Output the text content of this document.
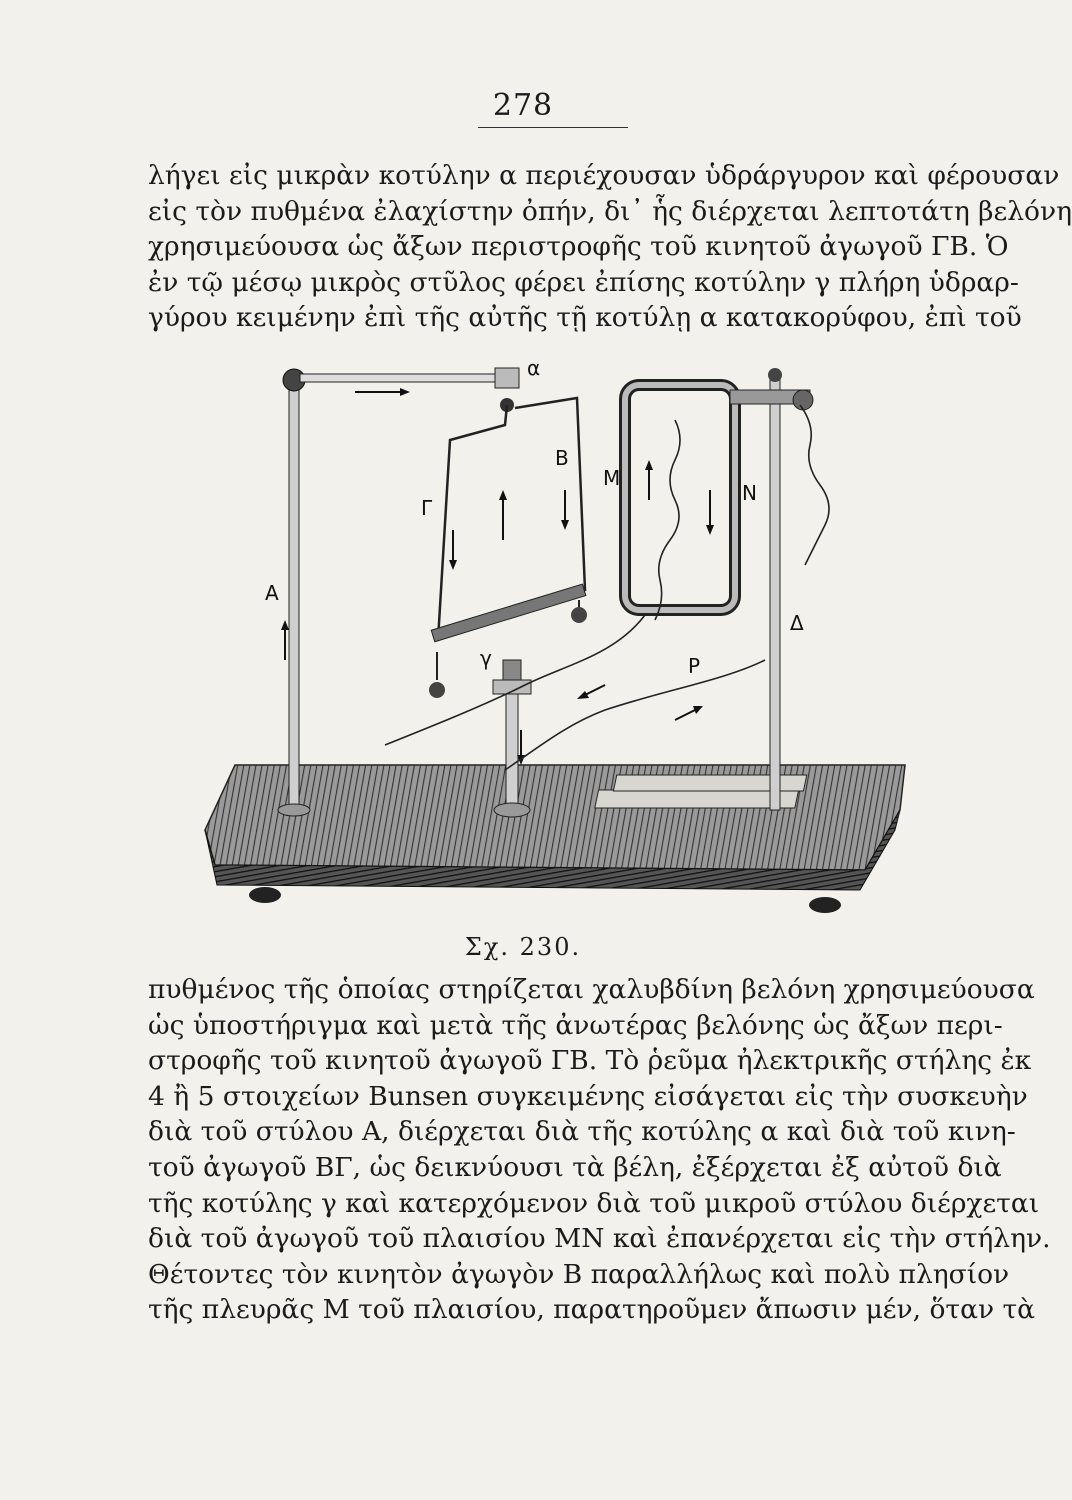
278
λήγει εἰς μικρὰν κοτύλην α περιέχουσαν ὑδράργυρον καὶ φέρουσαν
εἰς τὸν πυθμένα ἐλαχίστην ὀπήν, δι᾽ ἧς διέρχεται λεπτοτάτη βελόνη
χρησιμεύουσα ὡς ἄξων περιστροφῆς τοῦ κινητοῦ ἀγωγοῦ ΓΒ. Ὁ
ἐν τῷ μέσῳ μικρὸς στῦλος φέρει ἐπίσης κοτύλην γ πλήρη ὑδραρ-
γύρου κειμένην ἐπὶ τῆς αὐτῆς τῇ κοτύλῃ α κατακορύφου, ἐπὶ τοῦ
α
Β
Γ
Α
Μ
Ν
Δ
Ρ
γ
Σχ. 230.
πυθμένος τῆς ὁποίας στηρίζεται χαλυβδίνη βελόνη χρησιμεύουσα
ὡς ὑποστήριγμα καὶ μετὰ τῆς ἀνωτέρας βελόνης ὡς ἄξων περι-
στροφῆς τοῦ κινητοῦ ἀγωγοῦ ΓΒ. Τὸ ῥεῦμα ἠλεκτρικῆς στήλης ἐκ
4 ἢ 5 στοιχείων Bunsen συγκειμένης εἰσάγεται εἰς τὴν συσκευὴν
διὰ τοῦ στύλου Α, διέρχεται διὰ τῆς κοτύλης α καὶ διὰ τοῦ κινη-
τοῦ ἀγωγοῦ ΒΓ, ὡς δεικνύουσι τὰ βέλη, ἐξέρχεται ἐξ αὐτοῦ διὰ
τῆς κοτύλης γ καὶ κατερχόμενον διὰ τοῦ μικροῦ στύλου διέρχεται
διὰ τοῦ ἀγωγοῦ τοῦ πλαισίου ΜΝ καὶ ἐπανέρχεται εἰς τὴν στήλην.
Θέτοντες τὸν κινητὸν ἀγωγὸν Β παραλλήλως καὶ πολὺ πλησίον
τῆς πλευρᾶς Μ τοῦ πλαισίου, παρατηροῦμεν ἄπωσιν μέν, ὅταν τὰ
